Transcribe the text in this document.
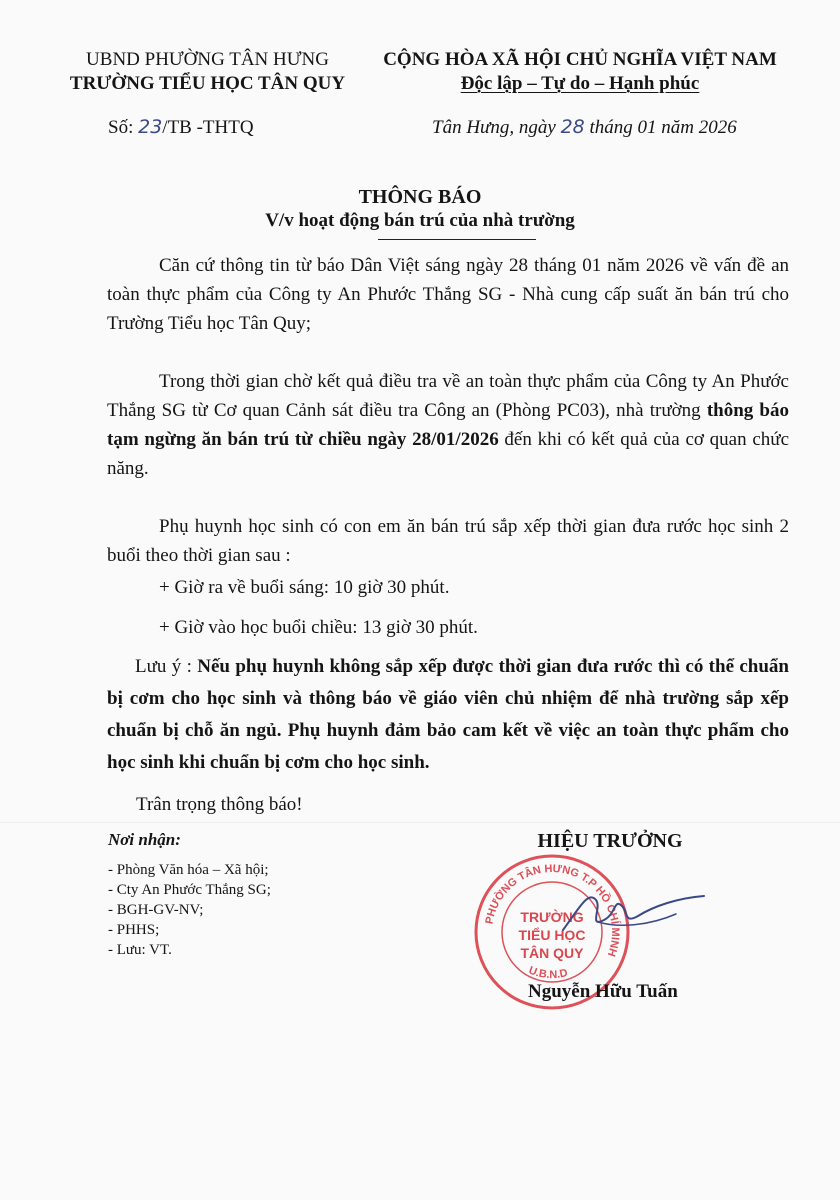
UBND PHƯỜNG TÂN HƯNG
TRƯỜNG TIỂU HỌC TÂN QUY
CỘNG HÒA XÃ HỘI CHỦ NGHĨA VIỆT NAM
Độc lập – Tự do – Hạnh phúc
Số: 23/TB -THTQ	Tân Hưng, ngày 28 tháng 01 năm 2026
THÔNG BÁO
V/v hoạt động bán trú của nhà trường

Căn cứ thông tin từ báo Dân Việt sáng ngày 28 tháng 01 năm 2026 về vấn đề an toàn thực phẩm của Công ty An Phước Thắng SG - Nhà cung cấp suất ăn bán trú cho Trường Tiểu học Tân Quy;

Trong thời gian chờ kết quả điều tra về an toàn thực phẩm của Công ty An Phước Thắng SG từ Cơ quan Cảnh sát điều tra Công an (Phòng PC03), nhà trường thông báo tạm ngừng ăn bán trú từ chiều ngày 28/01/2026 đến khi có kết quả của cơ quan chức năng.

Phụ huynh học sinh có con em ăn bán trú sắp xếp thời gian đưa rước học sinh 2 buổi theo thời gian sau :

+ Giờ ra về buổi sáng: 10 giờ 30 phút.
+ Giờ vào học buổi chiều: 13 giờ 30 phút.

Lưu ý : Nếu phụ huynh không sắp xếp được thời gian đưa rước thì có thể chuẩn bị cơm cho học sinh và thông báo về giáo viên chủ nhiệm để nhà trường sắp xếp chuẩn bị chỗ ăn ngủ. Phụ huynh đảm bảo cam kết về việc an toàn thực phẩm cho học sinh khi chuẩn bị cơm cho học sinh.

Trân trọng thông báo!
Nơi nhận:
- Phòng Văn hóa – Xã hội;
- Cty An Phước Thắng SG;
- BGH-GV-NV;
- PHHS;
- Lưu: VT.
HIỆU TRƯỞNG
PHƯỜNG TÂN HƯNG T.P HỒ CHÍ MINH
U.B.N.D
TRƯỜNG
TIỂU HỌC
TÂN QUY
Nguyễn Hữu Tuấn
